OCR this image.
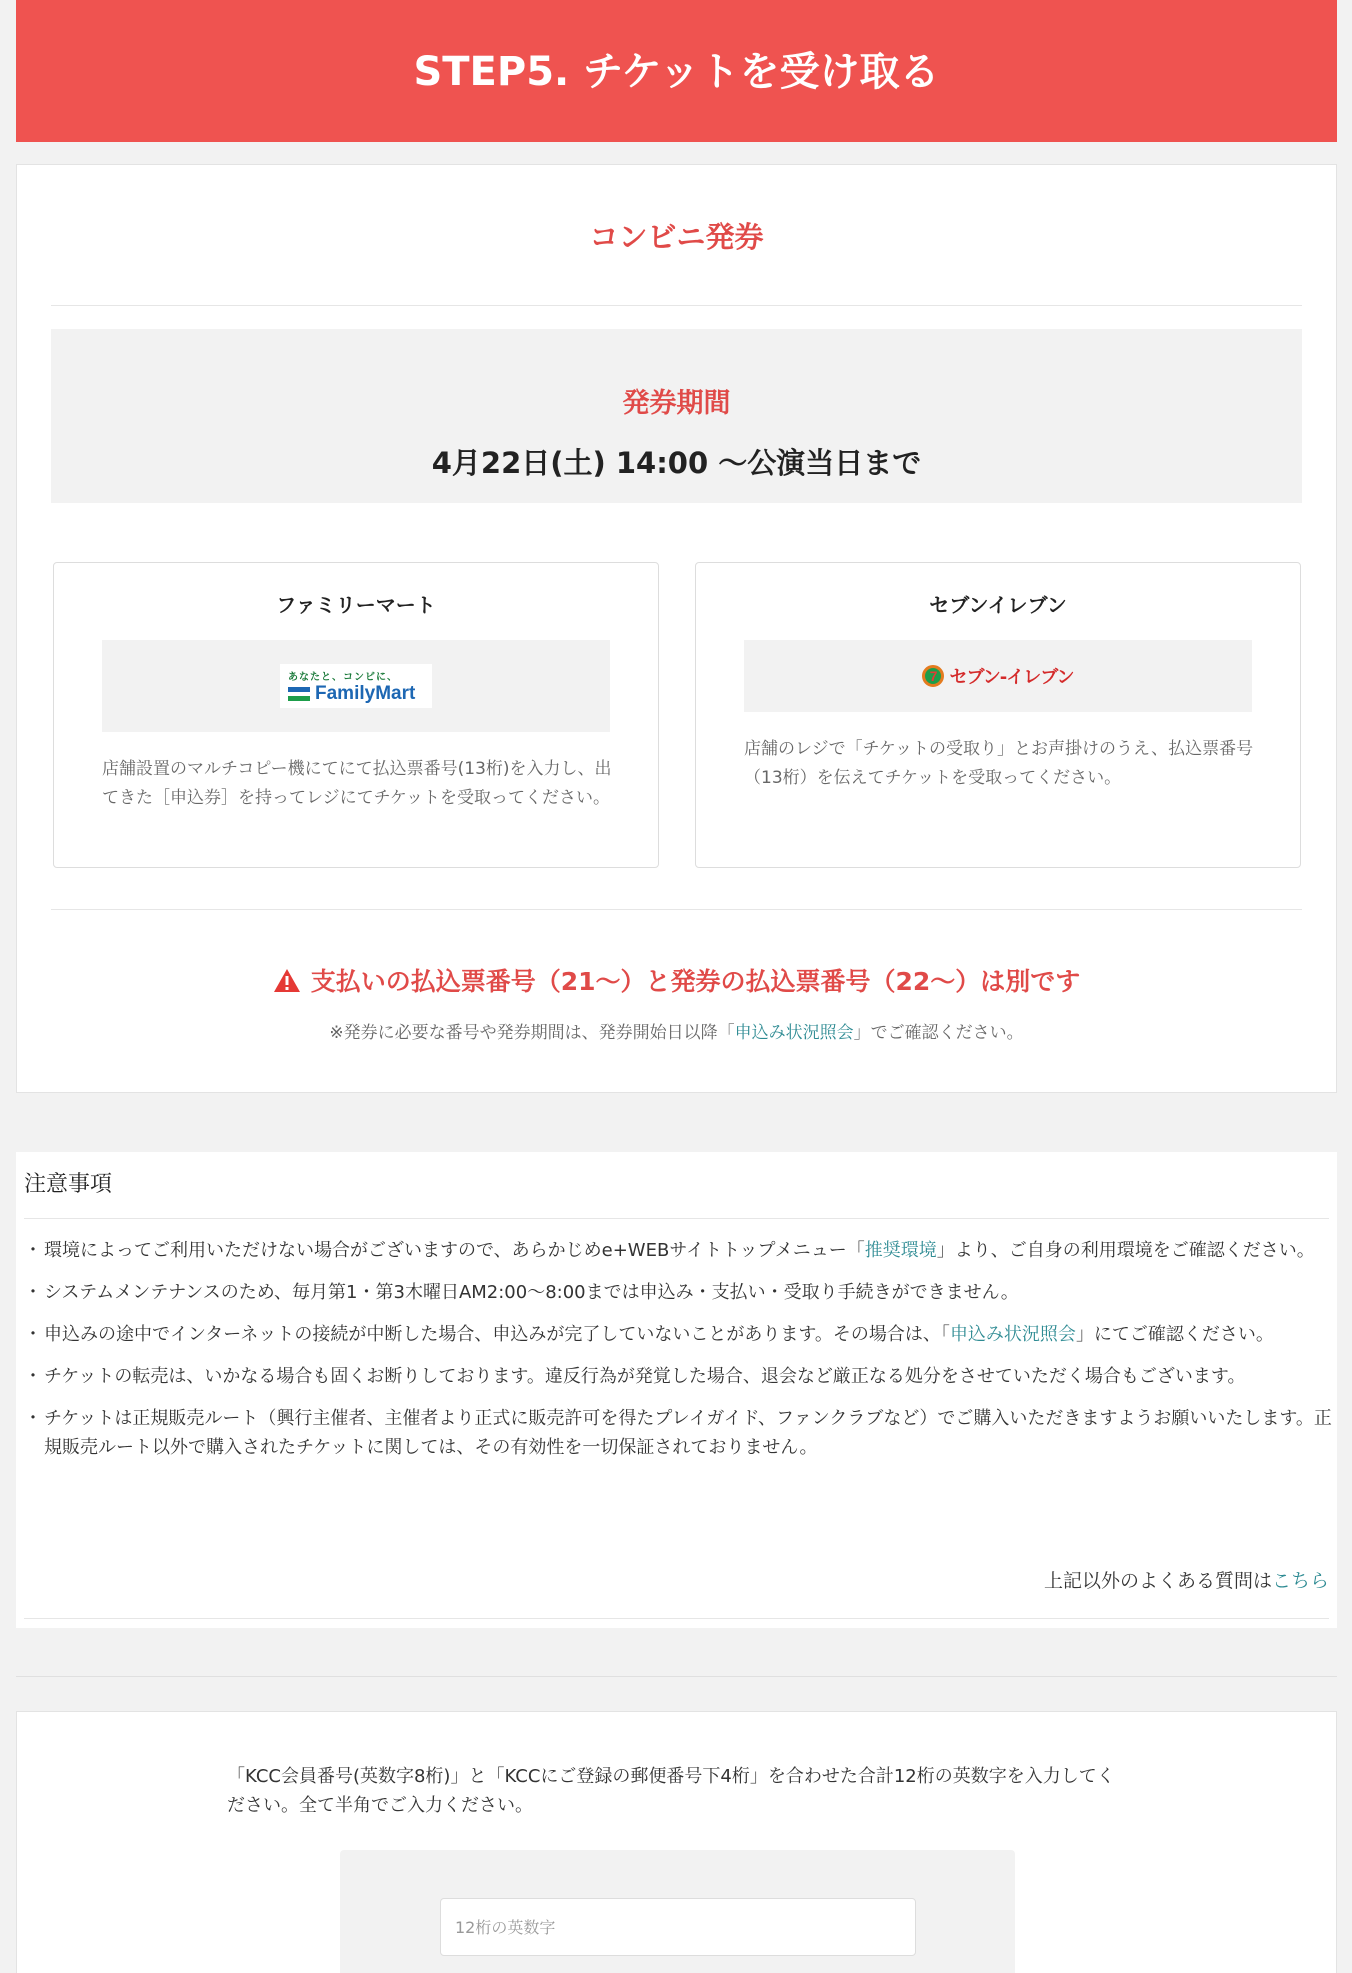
STEP5. チケットを受け取る
コンビニ発券
発券期間
4月22日(土) 14:00 〜公演当日まで
ファミリーマート
あなたと、コンビに、
FamilyMart
店舗設置のマルチコピー機にてにて払込票番号(13桁)を入力し、出てきた［申込券］を持ってレジにてチケットを受取ってください。
セブンイレブン
7 セブン-イレブン
店舗のレジで「チケットの受取り」とお声掛けのうえ、払込票番号（13桁）を伝えてチケットを受取ってください。
支払いの払込票番号（21〜）と発券の払込票番号（22〜）は別です
※発券に必要な番号や発券期間は、発券開始日以降「申込み状況照会」でご確認ください。
注意事項
・ 環境によってご利用いただけない場合がございますので、あらかじめe+WEBサイトトップメニュー「推奨環境」より、ご自身の利用環境をご確認ください。
・ システムメンテナンスのため、毎月第1・第3木曜日AM2:00〜8:00までは申込み・支払い・受取り手続きができません。
・ 申込みの途中でインターネットの接続が中断した場合、申込みが完了していないことがあります。その場合は、「申込み状況照会」にてご確認ください。
・ チケットの転売は、いかなる場合も固くお断りしております。違反行為が発覚した場合、退会など厳正なる処分をさせていただく場合もございます。
・ チケットは正規販売ルート（興行主催者、主催者より正式に販売許可を得たプレイガイド、ファンクラブなど）でご購入いただきますようお願いいたします。正規販売ルート以外で購入されたチケットに関しては、その有効性を一切保証されておりません。
上記以外のよくある質問はこちら
「KCC会員番号(英数字8桁)」と「KCCにご登録の郵便番号下4桁」を合わせた合計12桁の英数字を入力してください。全て半角でご入力ください。
12桁の英数字
